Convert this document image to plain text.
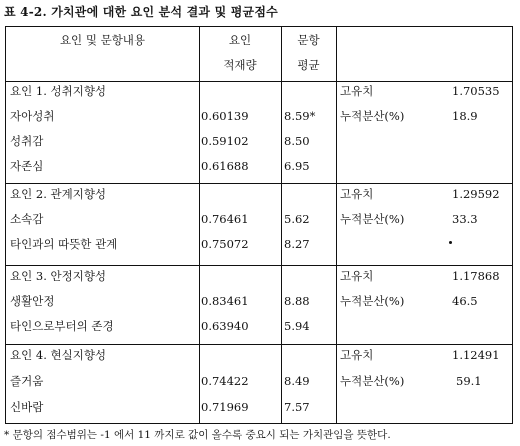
표 4-2. 가치관에 대한 요인 분석 결과 및 평균점수
요인 및 문항내용	요인
적재량
문항
평균
요인 1. 성취지향성
자아성취	0.60139	8.59*
성취감	0.59102	8.50
자존심	0.61688	6.95
고유치	1.70535
누적분산(%)	18.9
요인 2. 관계지향성
소속감	0.76461	5.62
타인과의 따뜻한 관계	0.75072	8.27
고유치	1.29592
누적분산(%)	33.3
요인 3. 안정지향성
생활안정	0.83461	8.88
타인으로부터의 존경	0.63940	5.94
고유치	1.17868
누적분산(%)	46.5
요인 4. 현실지향성
즐거움	0.74422	8.49
신바람	0.71969	7.57
고유치	1.12491
누적분산(%)	59.1
* 문항의 점수범위는 -1 에서 11 까지로 값이 올수록 중요시 되는 가치관임을 뜻한다.
